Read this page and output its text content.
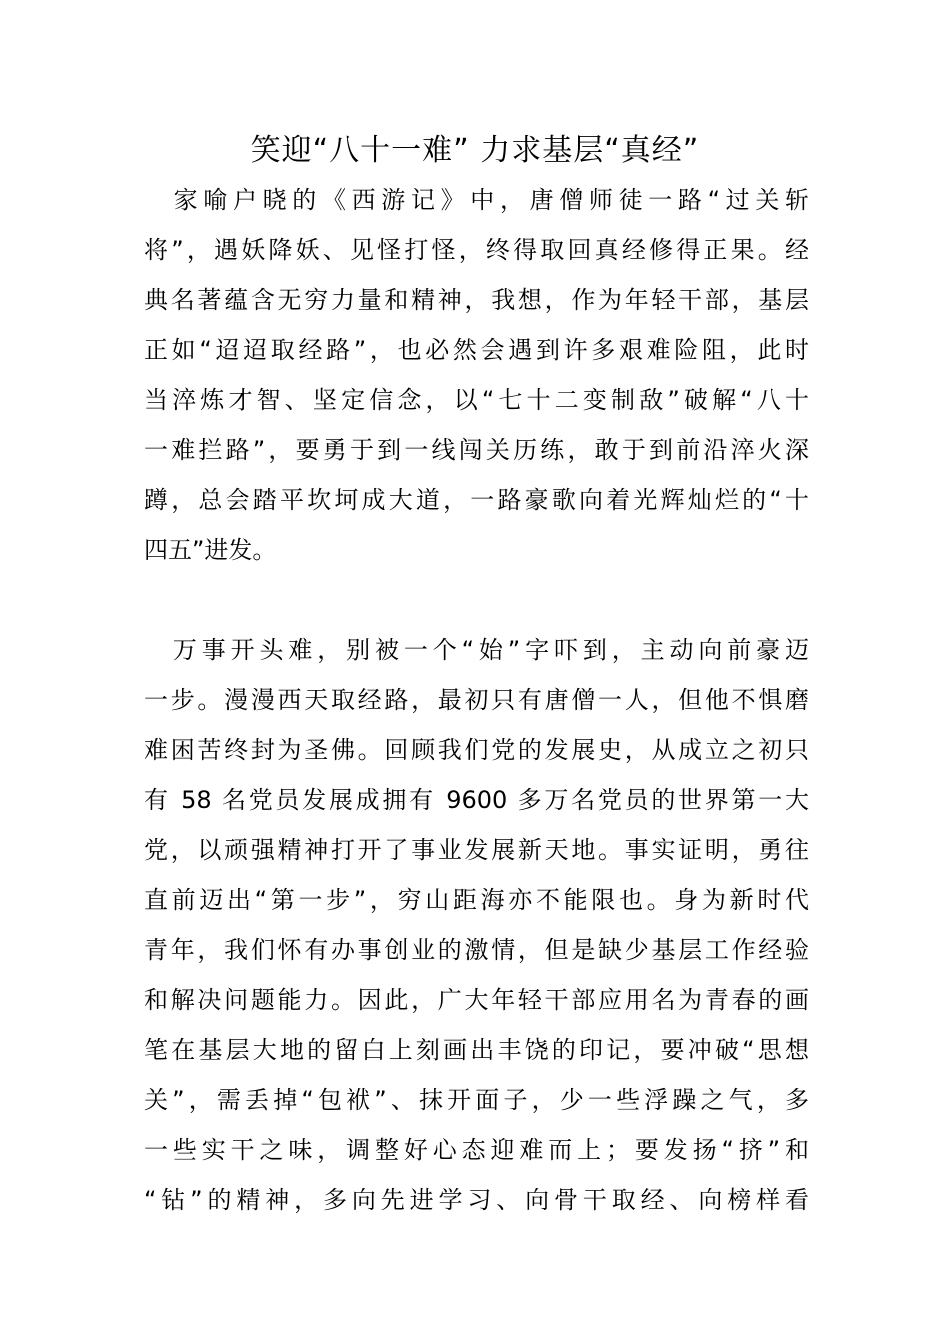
笑迎“八十一难” 力求基层“真经”
　家喻户晓的《西游记》中，唐僧师徒一路“过关斩
将”，遇妖降妖、见怪打怪，终得取回真经修得正果。经
典名著蕴含无穷力量和精神，我想，作为年轻干部，基层
正如“迢迢取经路”，也必然会遇到许多艰难险阻，此时
当淬炼才智、坚定信念，以“七十二变制敌”破解“八十
一难拦路”，要勇于到一线闯关历练，敢于到前沿淬火深
蹲，总会踏平坎坷成大道，一路豪歌向着光辉灿烂的“十
四五”进发。
　万事开头难，别被一个“始”字吓到，主动向前豪迈
一步。漫漫西天取经路，最初只有唐僧一人，但他不惧磨
难困苦终封为圣佛。回顾我们党的发展史，从成立之初只
有 58 名党员发展成拥有 9600 多万名党员的世界第一大
党，以顽强精神打开了事业发展新天地。事实证明，勇往
直前迈出“第一步”，穷山距海亦不能限也。身为新时代
青年，我们怀有办事创业的激情，但是缺少基层工作经验
和解决问题能力。因此，广大年轻干部应用名为青春的画
笔在基层大地的留白上刻画出丰饶的印记，要冲破“思想
关”，需丢掉“包袱”、抹开面子，少一些浮躁之气，多
一些实干之味，调整好心态迎难而上；要发扬“挤”和
“钻”的精神，多向先进学习、向骨干取经、向榜样看
